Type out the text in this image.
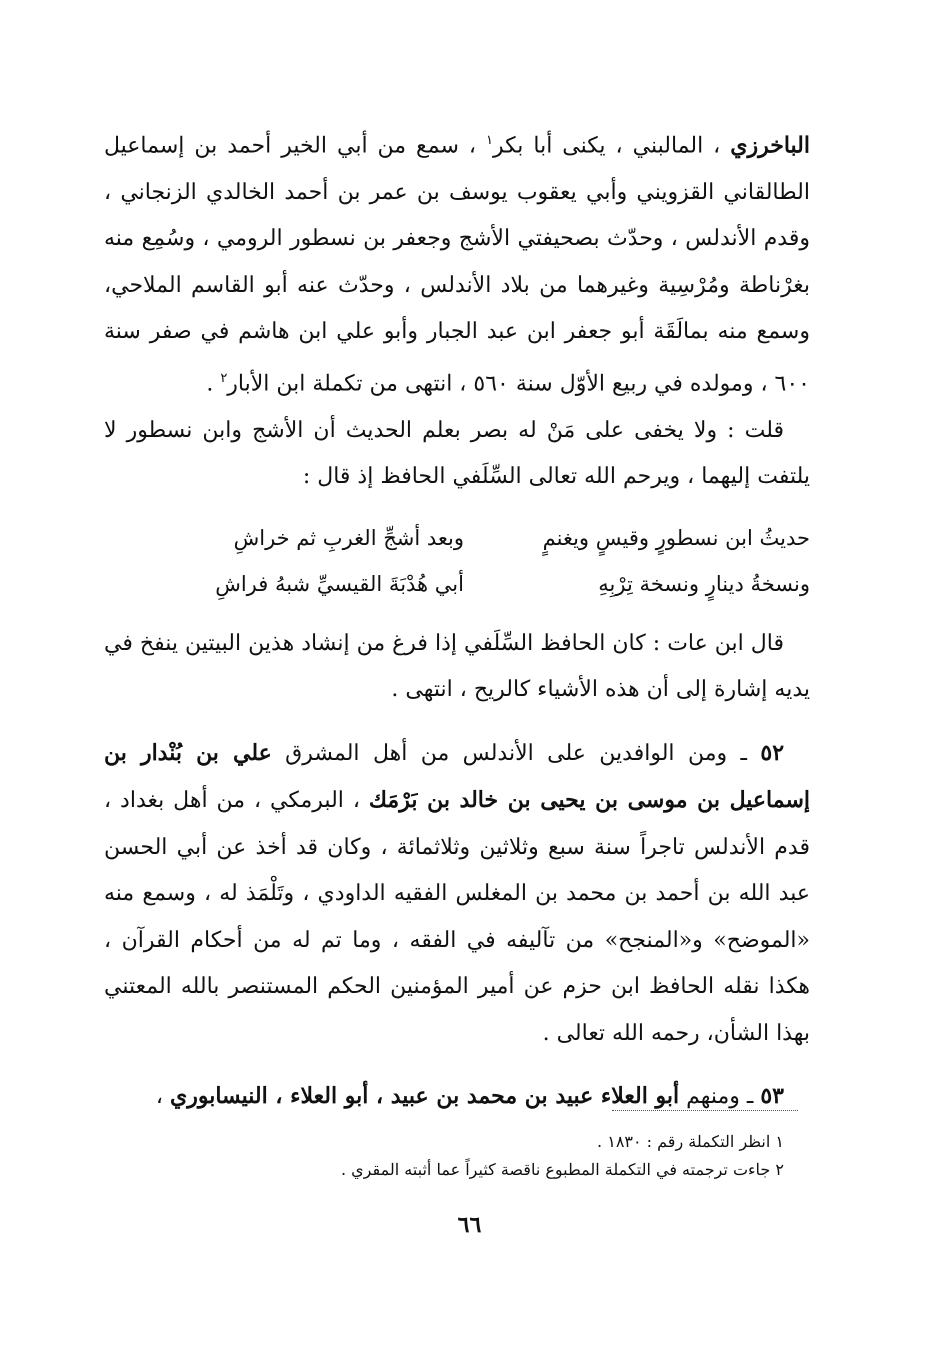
الباخرزي ، المالبني ، يكنى أبا بكر$^١$ ، سمع من أبي الخير أحمد بن إسماعيل الطالقاني القزويني وأبي يعقوب يوسف بن عمر بن أحمد الخالدي الزنجاني ، وقدم الأندلس ، وحدّث بصحيفتي الأشج وجعفر بن نسطور الرومي ، وسُمِع منه بغرْناطة ومُرْسِية وغيرهما من بلاد الأندلس ، وحدّث عنه أبو القاسم الملاحي، وسمع منه بمالَقَة أبو جعفر ابن عبد الجبار وأبو علي ابن هاشم في صفر سنة ٦٠٠ ، ومولده في ربيع الأوّل سنة ٥٦٠ ، انتهى من تكملة ابن الأبار$^٢$ .

قلت : ولا يخفى على مَنْ له بصر بعلم الحديث أن الأشج وابن نسطور لا يلتفت إليهما ، ويرحم الله تعالى السِّلَفي الحافظ إذ قال :

حديثُ ابن نسطورٍ وقيسٍ ويغنمٍ
وبعد أشجِّ الغربِ ثم خراشِ
ونسخةُ دينارٍ ونسخة تِرْبِهِ
أبي هُدْبَةَ القيسيِّ شبهُ فراشِ

قال ابن عات : كان الحافظ السِّلَفي إذا فرغ من إنشاد هذين البيتين ينفخ في يديه إشارة إلى أن هذه الأشياء كالريح ، انتهى .

٥٢ ـ ومن الوافدين على الأندلس من أهل المشرق علي بن بُنْدار بن إسماعيل بن موسى بن يحيى بن خالد بن بَرْمَك ، البرمكي ، من أهل بغداد ، قدم الأندلس تاجراً سنة سبع وثلاثين وثلاثمائة ، وكان قد أخذ عن أبي الحسن عبد الله بن أحمد بن محمد بن المغلس الفقيه الداودي ، وتَلْمَذ له ، وسمع منه «الموضح» و«المنجح» من تآليفه في الفقه ، وما تم له من أحكام القرآن ، هكذا نقله الحافظ ابن حزم عن أمير المؤمنين الحكم المستنصر بالله المعتني بهذا الشأن، رحمه الله تعالى .

٥٣ ـ ومنهم أبو العلاء عبيد بن محمد بن عبيد ، أبو العلاء ، النيسابوري ،

١ انظر التكملة رقم : ١٨٣٠ .

٢ جاءت ترجمته في التكملة المطبوع ناقصة كثيراً عما أثبته المقري .

٦٦
